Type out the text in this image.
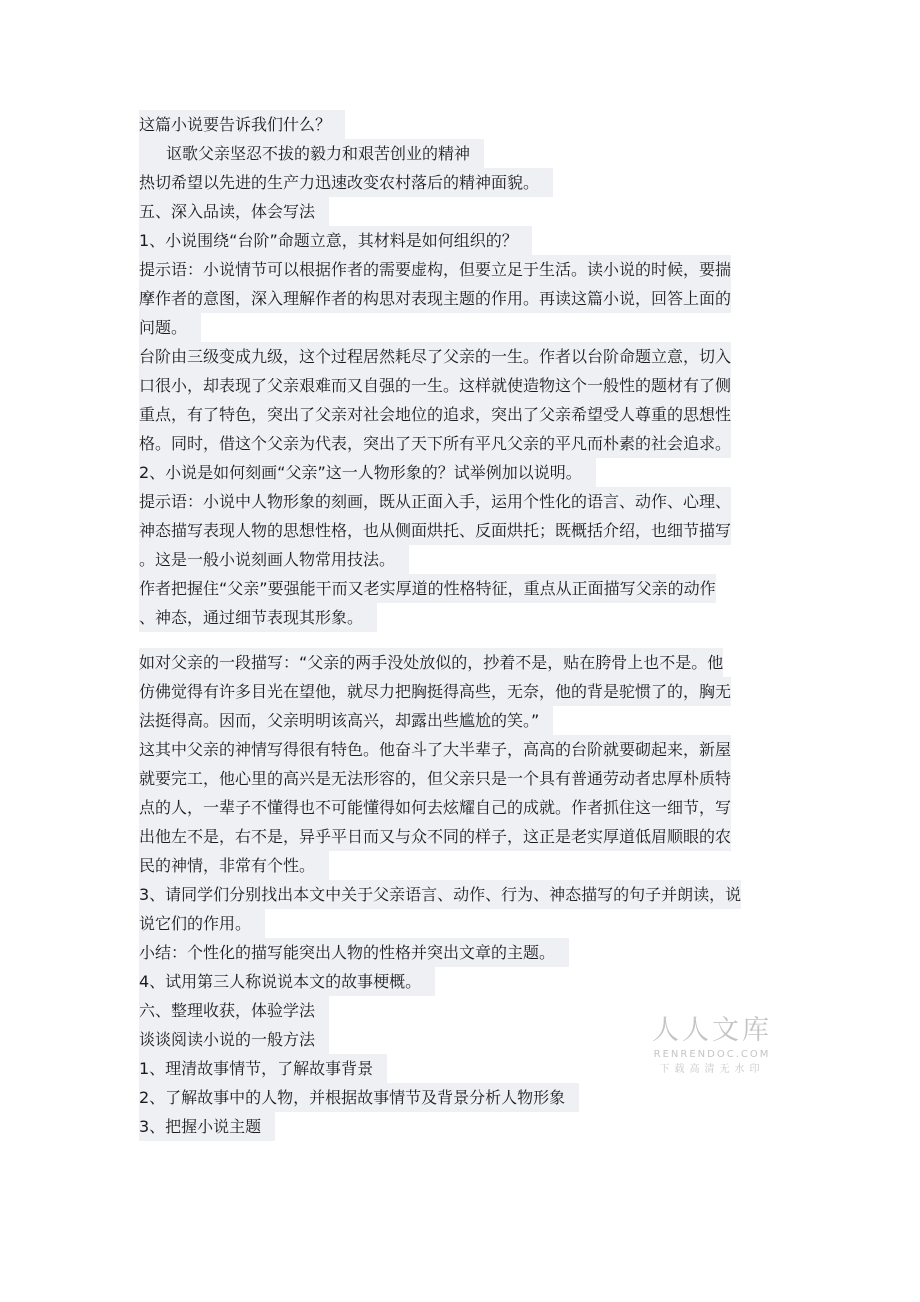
这篇小说要告诉我们什么？
讴歌父亲坚忍不拔的毅力和艰苦创业的精神
热切希望以先进的生产力迅速改变农村落后的精神面貌。
五、深入品读，体会写法
1、小说围绕“台阶”命题立意，其材料是如何组织的？
提示语：小说情节可以根据作者的需要虚构，但要立足于生活。读小说的时候，要揣
摩作者的意图，深入理解作者的构思对表现主题的作用。再读这篇小说，回答上面的
问题。
台阶由三级变成九级，这个过程居然耗尽了父亲的一生。作者以台阶命题立意，切入
口很小，却表现了父亲艰难而又自强的一生。这样就使造物这个一般性的题材有了侧
重点，有了特色，突出了父亲对社会地位的追求，突出了父亲希望受人尊重的思想性
格。同时，借这个父亲为代表，突出了天下所有平凡父亲的平凡而朴素的社会追求。
2、小说是如何刻画“父亲”这一人物形象的？试举例加以说明。
提示语：小说中人物形象的刻画，既从正面入手，运用个性化的语言、动作、心理、
神态描写表现人物的思想性格，也从侧面烘托、反面烘托；既概括介绍，也细节描写
。这是一般小说刻画人物常用技法。
作者把握住“父亲”要强能干而又老实厚道的性格特征，重点从正面描写父亲的动作
、神态，通过细节表现其形象。
如对父亲的一段描写：“父亲的两手没处放似的，抄着不是，贴在胯骨上也不是。他
仿佛觉得有许多目光在望他，就尽力把胸挺得高些，无奈，他的背是驼惯了的，胸无
法挺得高。因而，父亲明明该高兴，却露出些尴尬的笑。”
这其中父亲的神情写得很有特色。他奋斗了大半辈子，高高的台阶就要砌起来，新屋
就要完工，他心里的高兴是无法形容的，但父亲只是一个具有普通劳动者忠厚朴质特
点的人，一辈子不懂得也不可能懂得如何去炫耀自己的成就。作者抓住这一细节，写
出他左不是，右不是，异乎平日而又与众不同的样子，这正是老实厚道低眉顺眼的农
民的神情，非常有个性。
3、请同学们分别找出本文中关于父亲语言、动作、行为、神态描写的句子并朗读，说
说它们的作用。
小结：个性化的描写能突出人物的性格并突出文章的主题。
4、试用第三人称说说本文的故事梗概。
六、整理收获，体验学法
谈谈阅读小说的一般方法
1、理清故事情节，了解故事背景
2、了解故事中的人物，并根据故事情节及背景分析人物形象
3、把握小说主题
人人文库
RENRENDOC.COM
下载高清无水印
